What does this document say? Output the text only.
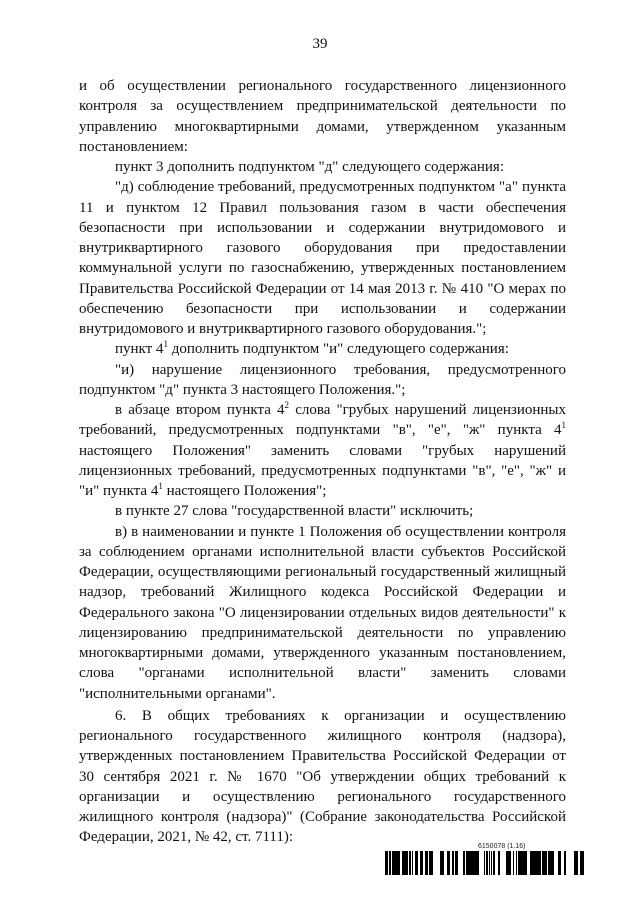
39

и об осуществлении регионального государственного лицензионного контроля за осуществлением предпринимательской деятельности по управлению многоквартирными домами, утвержденном указанным постановлением:

пункт 3 дополнить подпунктом "д" следующего содержания:

"д) соблюдение требований, предусмотренных подпунктом "а" пункта 11 и пунктом 12 Правил пользования газом в части обеспечения безопасности при использовании и содержании внутридомового и внутриквартирного газового оборудования при предоставлении коммунальной услуги по газоснабжению, утвержденных постановлением Правительства Российской Федерации от 14 мая 2013 г. № 410 "О мерах по обеспечению безопасности при использовании и содержании внутридомового и внутриквартирного газового оборудования.";

пункт $4^1$ дополнить подпунктом "и" следующего содержания:

"и) нарушение лицензионного требования, предусмотренного подпунктом "д" пункта 3 настоящего Положения.";

в абзаце втором пункта $4^2$ слова "грубых нарушений лицензионных требований, предусмотренных подпунктами "в", "е", "ж" пункта $4^1$ настоящего Положения" заменить словами "грубых нарушений лицензионных требований, предусмотренных подпунктами "в", "е", "ж" и "и" пункта $4^1$ настоящего Положения";

в пункте 27 слова "государственной власти" исключить;

в) в наименовании и пункте 1 Положения об осуществлении контроля за соблюдением органами исполнительной власти субъектов Российской Федерации, осуществляющими региональный государственный жилищный надзор, требований Жилищного кодекса Российской Федерации и Федерального закона "О лицензировании отдельных видов деятельности" к лицензированию предпринимательской деятельности по управлению многоквартирными домами, утвержденного указанным постановлением, слова "органами исполнительной власти" заменить словами "исполнительными органами".

6. В общих требованиях к организации и осуществлению регионального государственного жилищного контроля (надзора), утвержденных постановлением Правительства Российской Федерации от 30 сентября 2021 г. № 1670 "Об утверждении общих требований к организации и осуществлению регионального государственного жилищного контроля (надзора)" (Собрание законодательства Российской Федерации, 2021, № 42, ст. 7111):

6150078 (1.16)
